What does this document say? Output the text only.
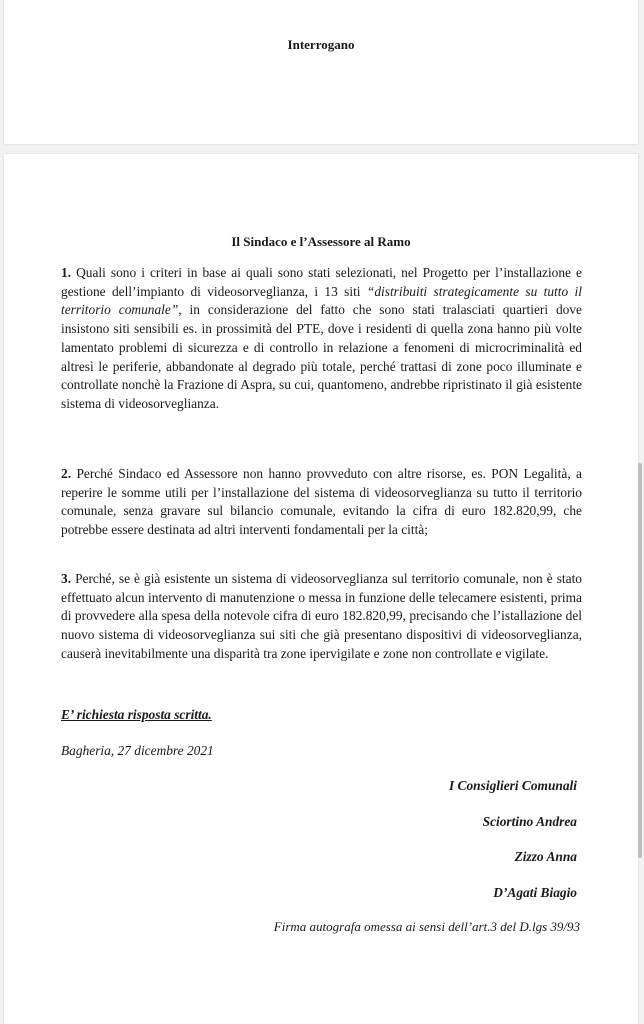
Interrogano
Il Sindaco e l’Assessore al Ramo

1. Quali sono i criteri in base ai quali sono stati selezionati, nel Progetto per l’installazione e gestione dell’impianto di videosorveglianza, i 13 siti “distribuiti strategicamente su tutto il territorio comunale”, in considerazione del fatto che sono stati tralasciati quartieri dove insistono siti sensibili es. in prossimità del PTE, dove i residenti di quella zona hanno più volte lamentato problemi di sicurezza e di controllo in relazione a fenomeni di microcriminalità ed altresì le periferie, abbandonate al degrado più totale, perché trattasi di zone poco illuminate e controllate nonchè la Frazione di Aspra, su cui, quantomeno, andrebbe ripristinato il già esistente sistema di videosorveglianza.

2. Perché Sindaco ed Assessore non hanno provveduto con altre risorse, es. PON Legalità, a reperire le somme utili per l’installazione del sistema di videosorveglianza su tutto il territorio comunale, senza gravare sul bilancio comunale, evitando la cifra di euro 182.820,99, che potrebbe essere destinata ad altri interventi fondamentali per la città;

3. Perché, se è già esistente un sistema di videosorveglianza sul territorio comunale, non è stato effettuato alcun intervento di manutenzione o messa in funzione delle telecamere esistenti, prima di provvedere alla spesa della notevole cifra di euro 182.820,99, precisando che l’istallazione del nuovo sistema di videosorveglianza sui siti che già presentano dispositivi di videosorveglianza, causerà inevitabilmente una disparità tra zone ipervigilate e zone non controllate e vigilate.

E’ richiesta risposta scritta.
Bagheria, 27 dicembre 2021
I Consiglieri Comunali
Sciortino Andrea
Zizzo Anna
D’Agati Biagio
Firma autografa omessa ai sensi dell’art.3 del D.lgs 39/93
